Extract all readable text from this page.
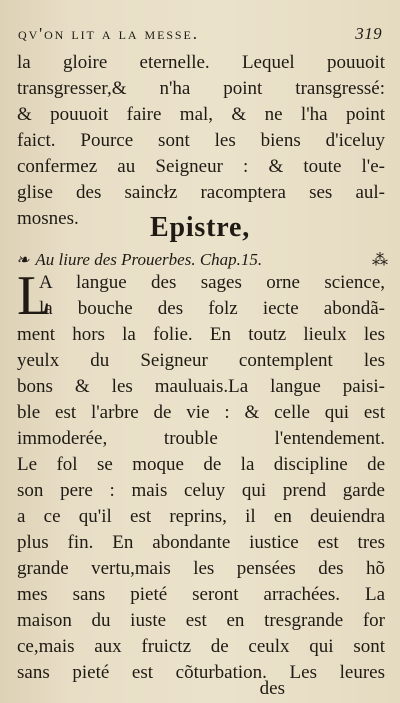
qv'on lit a la messe.	319
la gloire eternelle. Lequel pouuoit
transgresser,& n'ha point transgressé:
& pouuoit faire mal, & ne l'ha point
faict. Pource sont les biens d'iceluy
confermez au Seigneur : & toute l'e-
glise des saincłz racomptera ses aul-
mosnes.	Epistre,
❧ Au liure des Prouerbes. Chap.15.	⁂
L
A langue des sages orne science,
la bouche des folz iecte abondã-
ment hors la folie. En toutz lieulx les
yeulx du Seigneur contemplent les
bons & les mauluais.La langue paisi-
ble est l'arbre de vie : & celle qui est
immoderée, trouble l'entendement.
Le fol se moque de la discipline de
son pere : mais celuy qui prend garde
a ce qu'il est reprins, il en deuiendra
plus fin. En abondante iustice est tres
grande vertu,mais les pensées des hõ
mes sans pieté seront arrachées. La
maison du iuste est en tresgrande for
ce,mais aux fruictz de ceulx qui sont
sans pieté est cõturbation. Les leures
des
